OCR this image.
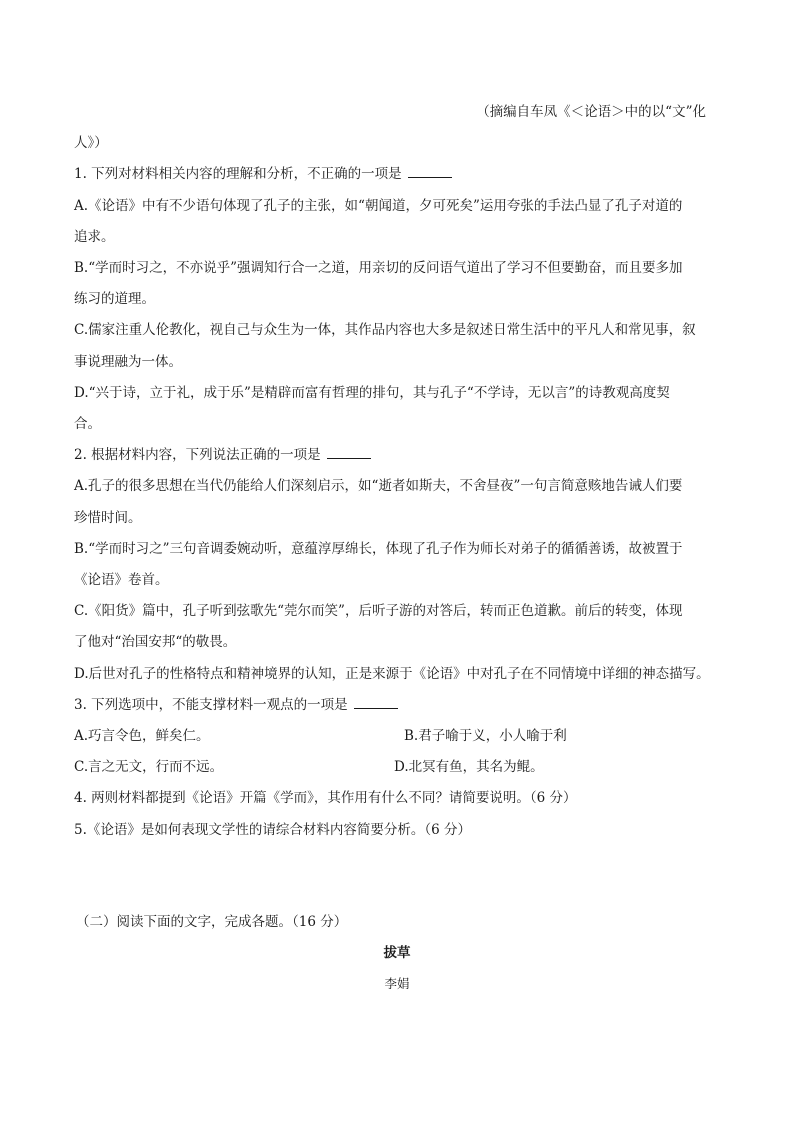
（摘编自车凤《＜论语＞中的以“文”化
人》）
1. 下列对材料相关内容的理解和分析，不正确的一项是
A.《论语》中有不少语句体现了孔子的主张，如“朝闻道，夕可死矣”运用夸张的手法凸显了孔子对道的
追求。
B.“学而时习之，不亦说乎”强调知行合一之道，用亲切的反问语气道出了学习不但要勤奋，而且要多加
练习的道理。
C.儒家注重人伦教化，视自己与众生为一体，其作品内容也大多是叙述日常生活中的平凡人和常见事，叙
事说理融为一体。
D.“兴于诗，立于礼，成于乐”是精辟而富有哲理的排句，其与孔子“不学诗，无以言”的诗教观高度契
合。
2. 根据材料内容，下列说法正确的一项是
A.孔子的很多思想在当代仍能给人们深刻启示，如“逝者如斯夫，不舍昼夜”一句言简意赅地告诫人们要
珍惜时间。
B.“学而时习之”三句音调委婉动听，意蕴淳厚绵长，体现了孔子作为师长对弟子的循循善诱，故被置于
《论语》卷首。
C.《阳货》篇中，孔子听到弦歌先“莞尔而笑”，后听子游的对答后，转而正色道歉。前后的转变，体现
了他对“治国安邦“的敬畏。
D.后世对孔子的性格特点和精神境界的认知，正是来源于《论语》中对孔子在不同情境中详细的神态描写。
3. 下列选项中，不能支撑材料一观点的一项是
A.巧言令色，鲜矣仁。	B.君子喻于义，小人喻于利
C.言之无文，行而不远。	D.北冥有鱼，其名为鲲。
4. 两则材料都提到《论语》开篇《学而》，其作用有什么不同？请简要说明。（6 分）
5.《论语》是如何表现文学性的请综合材料内容简要分析。（6 分）
（二）阅读下面的文字，完成各题。（16 分）
拔草
李娟
